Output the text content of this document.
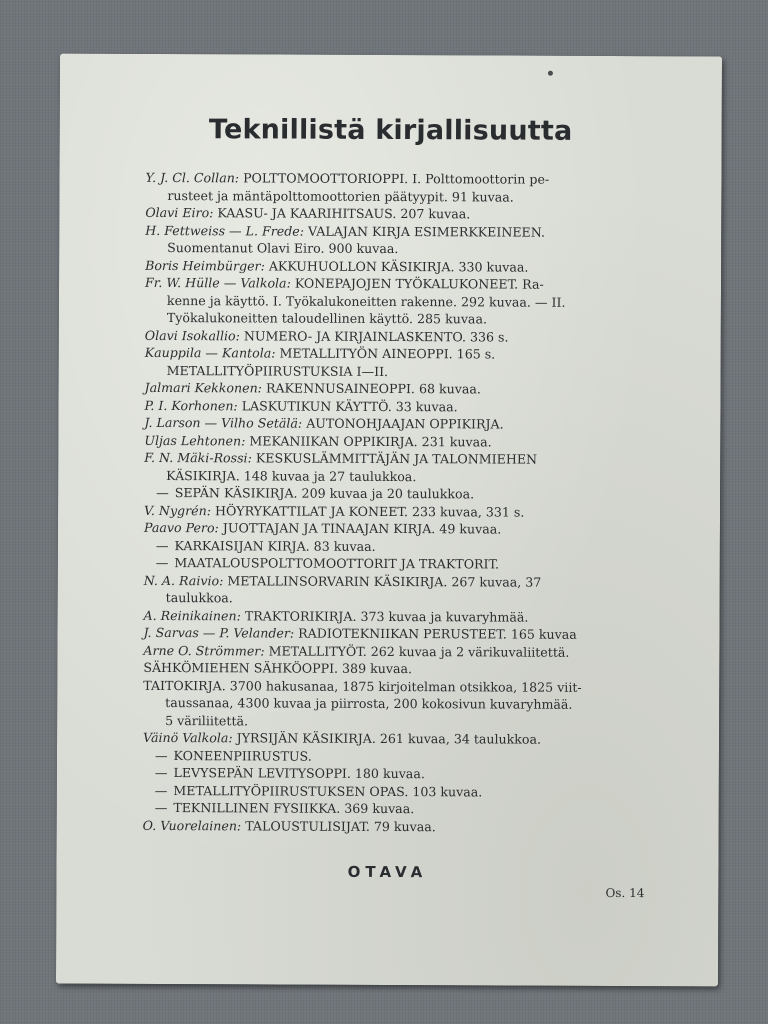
Teknillistä kirjallisuutta
Y. J. Cl. Collan: POLTTOMOOTTORIOPPI. I. Polttomoottorin pe-
rusteet ja mäntäpolttomoottorien päätyypit. 91 kuvaa.
Olavi Eiro: KAASU- JA KAARIHITSAUS. 207 kuvaa.
H. Fettweiss — L. Frede: VALAJAN KIRJA ESIMERKKEINEEN.
Suomentanut Olavi Eiro. 900 kuvaa.
Boris Heimbürger: AKKUHUOLLON KÄSIKIRJA. 330 kuvaa.
Fr. W. Hülle — Valkola: KONEPAJOJEN TYÖKALUKONEET. Ra-
kenne ja käyttö. I. Työkalukoneitten rakenne. 292 kuvaa. — II.
Työkalukoneitten taloudellinen käyttö. 285 kuvaa.
Olavi Isokallio: NUMERO- JA KIRJAINLASKENTO. 336 s.
Kauppila — Kantola: METALLITYÖN AINEOPPI. 165 s.
METALLITYÖPIIRUSTUKSIA I—II.
Jalmari Kekkonen: RAKENNUSAINEOPPI. 68 kuvaa.
P. I. Korhonen: LASKUTIKUN KÄYTTÖ. 33 kuvaa.
J. Larson — Vilho Setälä: AUTONOHJAAJAN OPPIKIRJA.
Uljas Lehtonen: MEKANIIKAN OPPIKIRJA. 231 kuvaa.
F. N. Mäki-Rossi: KESKUSLÄMMITTÄJÄN JA TALONMIEHEN
KÄSIKIRJA. 148 kuvaa ja 27 taulukkoa.
— SEPÄN KÄSIKIRJA. 209 kuvaa ja 20 taulukkoa.
V. Nygrén: HÖYRYKATTILAT JA KONEET. 233 kuvaa, 331 s.
Paavo Pero: JUOTTAJAN JA TINAAJAN KIRJA. 49 kuvaa.
— KARKAISIJAN KIRJA. 83 kuvaa.
— MAATALOUSPOLTTOMOOTTORIT JA TRAKTORIT.
N. A. Raivio: METALLINSORVARIN KÄSIKIRJA. 267 kuvaa, 37
taulukkoa.
A. Reinikainen: TRAKTORIKIRJA. 373 kuvaa ja kuvaryhmää.
J. Sarvas — P. Velander: RADIOTEKNIIKAN PERUSTEET. 165 kuvaa
Arne O. Strömmer: METALLITYÖT. 262 kuvaa ja 2 värikuvaliitettä.
SÄHKÖMIEHEN SÄHKÖOPPI. 389 kuvaa.
TAITOKIRJA. 3700 hakusanaa, 1875 kirjoitelman otsikkoa, 1825 viit-
taussanaa, 4300 kuvaa ja piirrosta, 200 kokosivun kuvaryhmää.
5 väriliitettä.
Väinö Valkola: JYRSIJÄN KÄSIKIRJA. 261 kuvaa, 34 taulukkoa.
— KONEENPIIRUSTUS.
— LEVYSEPÄN LEVITYSOPPI. 180 kuvaa.
— METALLITYÖPIIRUSTUKSEN OPAS. 103 kuvaa.
— TEKNILLINEN FYSIIKKA. 369 kuvaa.
O. Vuorelainen: TALOUSTULISIJAT. 79 kuvaa.
OTAVA
Os. 14
